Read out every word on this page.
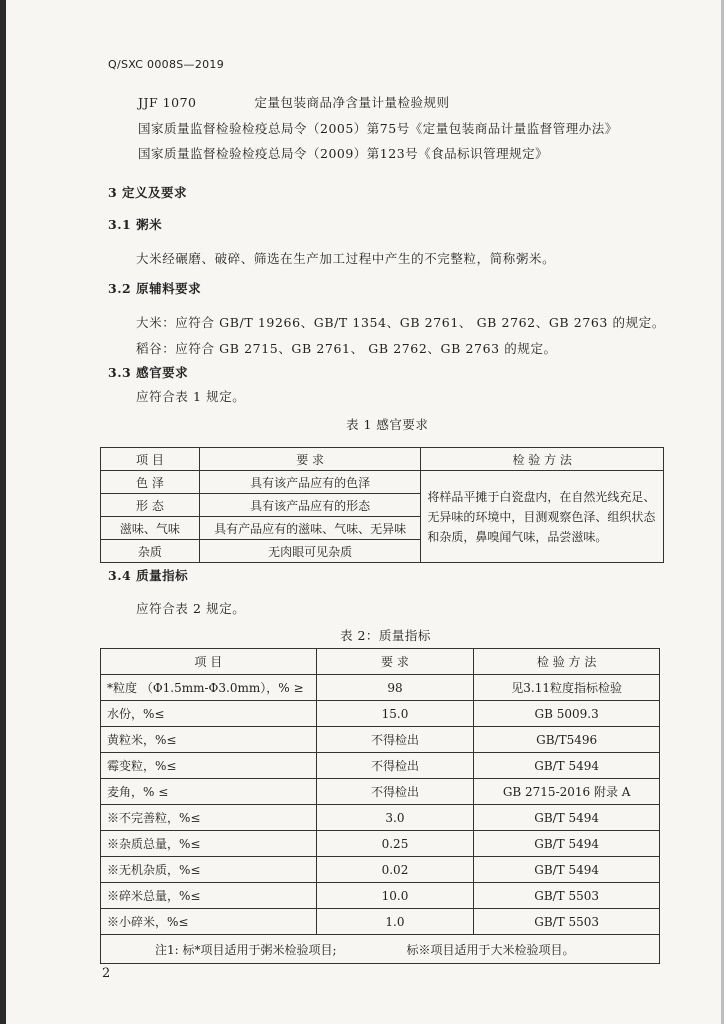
Q/SXC 0008S—2019
JJF 1070	定量包装商品净含量计量检验规则
国家质量监督检验检疫总局令（2005）第75号《定量包装商品计量监督管理办法》
国家质量监督检验检疫总局令（2009）第123号《食品标识管理规定》
3 定义及要求
3.1 粥米
大米经碾磨、破碎、筛选在生产加工过程中产生的不完整粒，简称粥米。
3.2 原辅料要求
大米：应符合 GB/T 19266、GB/T 1354、GB 2761、 GB 2762、GB 2763 的规定。
稻谷：应符合 GB 2715、GB 2761、 GB 2762、GB 2763 的规定。
3.3 感官要求
应符合表 1 规定。
表 1 感官要求
项 目	要 求	检 验 方 法
色 泽	具有该产品应有的色泽	将样品平摊于白瓷盘内，在自然光线充足、无异味的环境中，目测观察色泽、组织状态和杂质，鼻嗅闻气味，品尝滋味。
形 态	具有该产品应有的形态	
滋味、气味	具有产品应有的滋味、气味、无异味	
杂质	无肉眼可见杂质	
3.4 质量指标
应符合表 2 规定。
表 2：质量指标
项 目	要 求	检 验 方 法
*粒度 （Φ1.5mm-Φ3.0mm），% ≥	98	见3.11粒度指标检验
水份，%≤	15.0	GB 5009.3
黄粒米，%≤	不得检出	GB/T5496
霉变粒，%≤	不得检出	GB/T 5494
麦角，% ≤	不得检出	GB 2715-2016 附录 A
※不完善粒，%≤	3.0	GB/T 5494
※杂质总量，%≤	0.25	GB/T 5494
※无机杂质，%≤	0.02	GB/T 5494
※碎米总量，%≤	10.0	GB/T 5503
※小碎米，%≤	1.0	GB/T 5503
注1: 标*项目适用于粥米检验项目; 标※项目适用于大米检验项目。		
2
